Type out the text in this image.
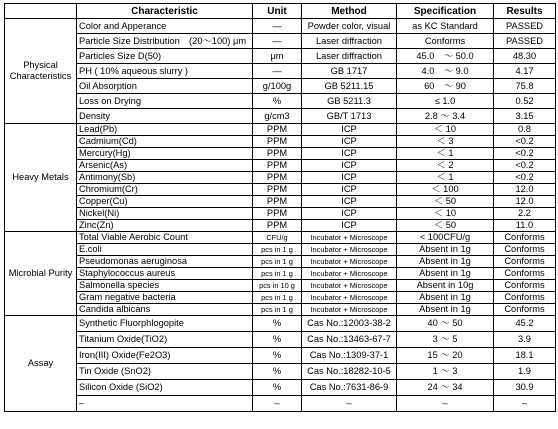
	Characteristic	Unit	Method	Specification	Results
Physical Characteristics	Color and Apperance	—	Powder color, visual	as KC Standard	PASSED
	Particle Size Distribution　(20～100) μm	—	Laser diffraction	Conforms	PASSED
	Particles Size D(50)	μm	Laser diffraction	45.0　～ 50.0	48.30
	PH ( 10% aqueous slurry )	—	GB 1717	4.0　～ 9.0	4.17
	Oil Absorption	g/100g	GB 5211.15	60　～ 90	75.8
	Loss on Drying	%	GB 5211.3	≤ 1.0	0.52
	Density	g/cm3	GB/T 1713	2.8 ～ 3.4	3.15
Heavy Metals	Lead(Pb)	PPM	ICP	＜ 10	0.8
	Cadmium(Cd)	PPM	ICP	＜ 3	<0.2
	Mercury(Hg)	PPM	ICP	＜ 1	<0.2
	Arsenic(As)	PPM	ICP	＜ 2	<0.2
	Antimony(Sb)	PPM	ICP	＜ 1	<0.2
	Chromium(Cr)	PPM	ICP	＜ 100	12.0
	Copper(Cu)	PPM	ICP	＜ 50	12.0
	Nickel(Ni)	PPM	ICP	＜ 10	2.2
	Zinc(Zn)	PPM	ICP	＜ 50	11.0
Microbial Purity	Total Viable Aerobic Count	CFU/g	Incubator + Microscope	< 100CFU/g	Conforms
	E.coli	pcs in 1 g	Incubator + Microscope	Absent in 1g	Conforms
	Pseudomonas aeruginosa	pcs in 1 g	Incubator + Microscope	Absent in 1g	Conforms
	Staphylococcus aureus	pcs in 1 g	Incubator + Microscope	Absent in 1g	Conforms
	Salmonella species	pcs in 10 g	Incubator + Microscope	Absent in 10g	Conforms
	Gram negative bacteria	pcs in 1 g	Incubator + Microscope	Absent in 1g	Conforms
	Candida albicans	pcs in 1 g	Incubator + Microscope	Absent in 1g	Conforms
Assay	Synthetic Fluorphlogopite	%	Cas No.:12003-38-2	40 ～ 50	45.2
	Titanium Oxide(TiO2)	%	Cas No.:13463-67-7	3 ～ 5	3.9
	Iron(III) Oxide(Fe2O3)	%	Cas No.:1309-37-1	15 ～ 20	18.1
	Tin Oxide (SnO2)	%	Cas No.:18282-10-5	1 ～ 3	1.9
	Silicon Oxide (SiO2)	%	Cas No.:7631-86-9	24 ～ 34	30.9
	–	–	–	–	–
